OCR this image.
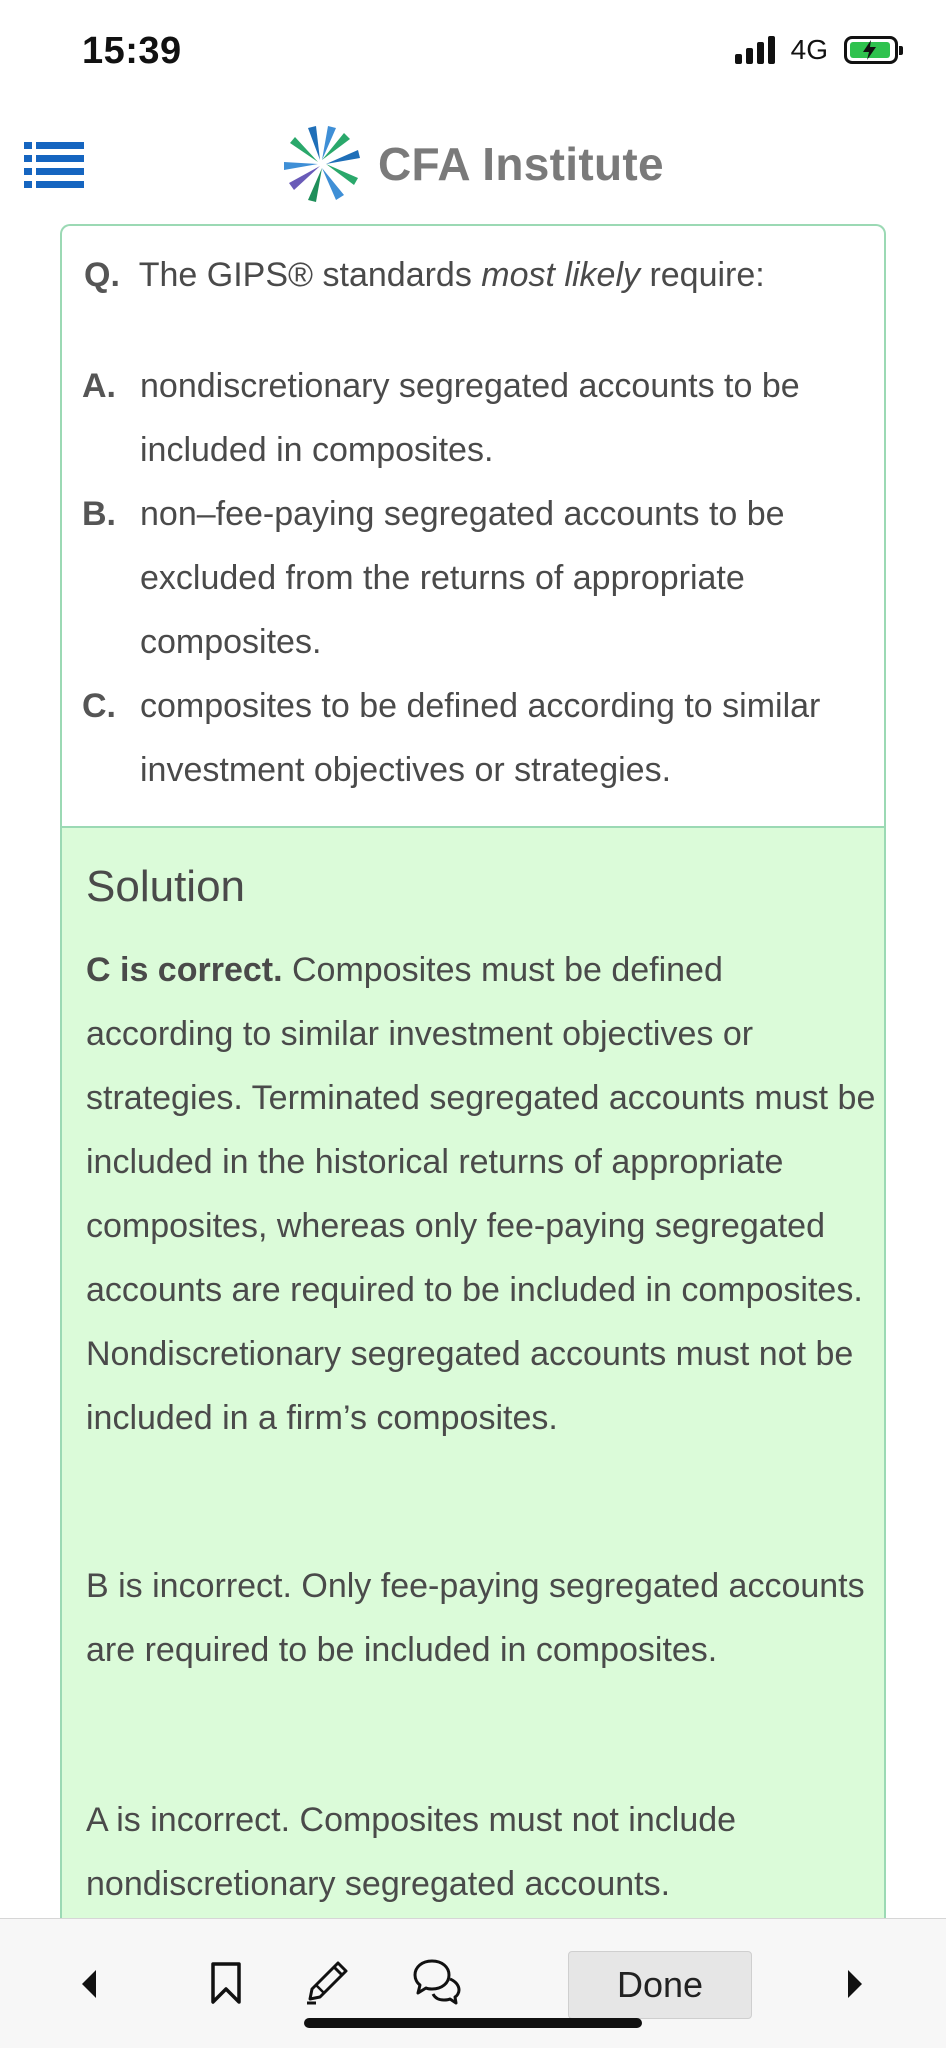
15:39	4G
CFA Institute
Q. The GIPS® standards most likely require:
A. nondiscretionary segregated accounts to be included in composites.
B. non–fee-paying segregated accounts to be excluded from the returns of appropriate composites.
C. composites to be defined according to similar investment objectives or strategies.
Solution
C is correct. Composites must be defined according to similar investment objectives or strategies. Terminated segregated accounts must be included in the historical returns of appropriate composites, whereas only fee-paying segregated accounts are required to be included in composites. Nondiscretionary segregated accounts must not be included in a firm’s composites.
B is incorrect. Only fee-paying segregated accounts are required to be included in composites.
A is incorrect. Composites must not include nondiscretionary segregated accounts.
Done
